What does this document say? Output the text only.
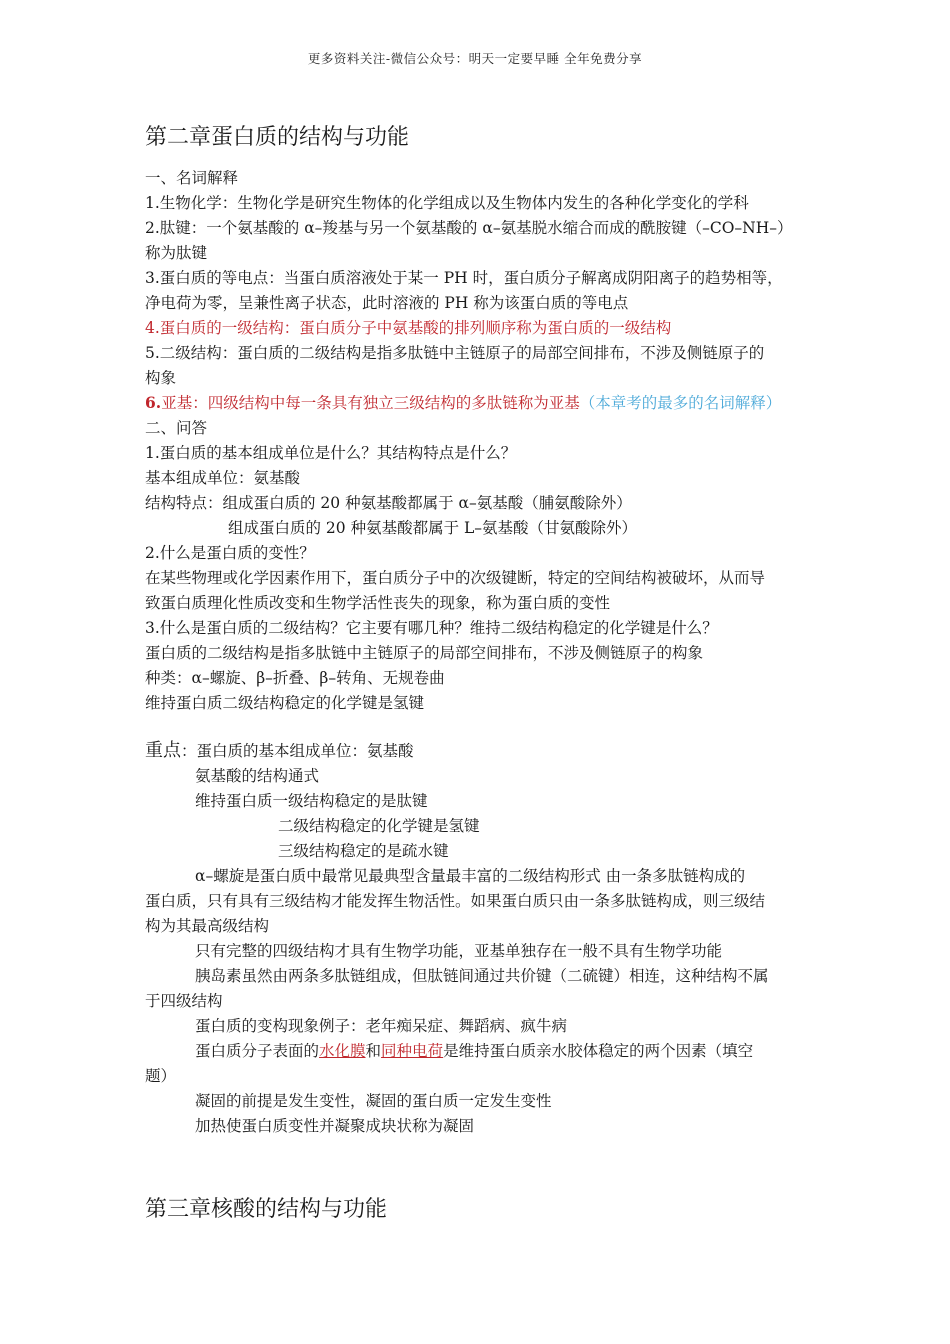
更多资料关注-微信公众号：明天一定要早睡 全年免费分享
第二章蛋白质的结构与功能
一、名词解释
1.生物化学：生物化学是研究生物体的化学组成以及生物体内发生的各种化学变化的学科
2.肽键：一个氨基酸的 α–羧基与另一个氨基酸的 α–氨基脱水缩合而成的酰胺键（–CO–NH–）
称为肽键
3.蛋白质的等电点：当蛋白质溶液处于某一 PH 时，蛋白质分子解离成阴阳离子的趋势相等，
净电荷为零，呈兼性离子状态，此时溶液的 PH 称为该蛋白质的等电点
4.蛋白质的一级结构：蛋白质分子中氨基酸的排列顺序称为蛋白质的一级结构
5.二级结构：蛋白质的二级结构是指多肽链中主链原子的局部空间排布，不涉及侧链原子的
构象
6.亚基：四级结构中每一条具有独立三级结构的多肽链称为亚基（本章考的最多的名词解释）
二、问答
1.蛋白质的基本组成单位是什么？其结构特点是什么？
基本组成单位：氨基酸
结构特点：组成蛋白质的 20 种氨基酸都属于 α–氨基酸（脯氨酸除外）
组成蛋白质的 20 种氨基酸都属于 L–氨基酸（甘氨酸除外）
2.什么是蛋白质的变性？
在某些物理或化学因素作用下，蛋白质分子中的次级键断，特定的空间结构被破坏，从而导
致蛋白质理化性质改变和生物学活性丧失的现象，称为蛋白质的变性
3.什么是蛋白质的二级结构？它主要有哪几种？维持二级结构稳定的化学键是什么？
蛋白质的二级结构是指多肽链中主链原子的局部空间排布，不涉及侧链原子的构象
种类：α–螺旋、β–折叠、β–转角、无规卷曲
维持蛋白质二级结构稳定的化学键是氢键
重点：蛋白质的基本组成单位：氨基酸
氨基酸的结构通式
维持蛋白质一级结构稳定的是肽键
二级结构稳定的化学键是氢键
三级结构稳定的是疏水键
α–螺旋是蛋白质中最常见最典型含量最丰富的二级结构形式 由一条多肽链构成的
蛋白质，只有具有三级结构才能发挥生物活性。如果蛋白质只由一条多肽链构成，则三级结
构为其最高级结构
只有完整的四级结构才具有生物学功能，亚基单独存在一般不具有生物学功能
胰岛素虽然由两条多肽链组成，但肽链间通过共价键（二硫键）相连，这种结构不属
于四级结构
蛋白质的变构现象例子：老年痴呆症、舞蹈病、疯牛病
蛋白质分子表面的水化膜和同种电荷是维持蛋白质亲水胶体稳定的两个因素（填空
题）
凝固的前提是发生变性，凝固的蛋白质一定发生变性
加热使蛋白质变性并凝聚成块状称为凝固
第三章核酸的结构与功能
